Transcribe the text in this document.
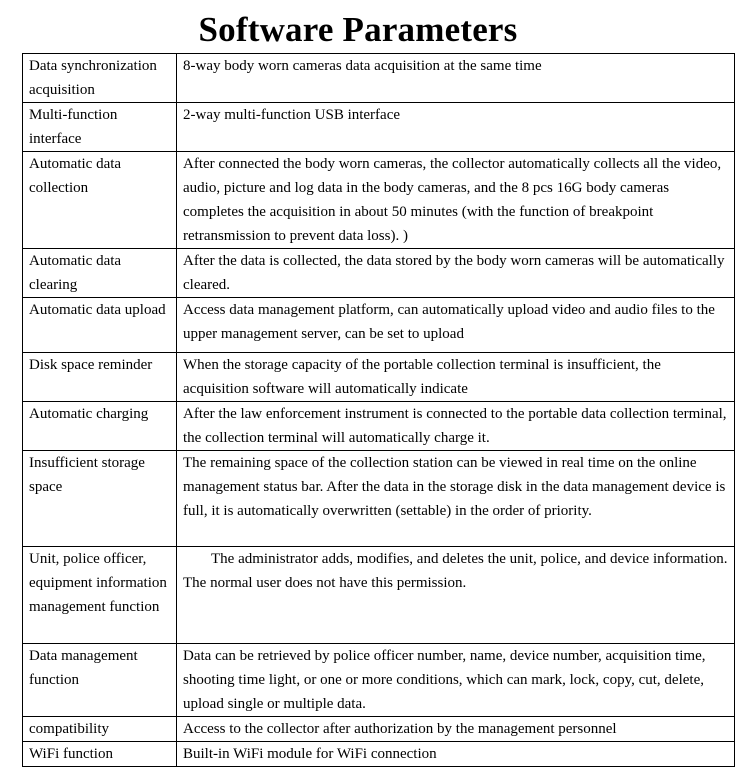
Software Parameters
Data synchronization acquisition	8-way body worn cameras data acquisition at the same time
Multi-function interface	2-way multi-function USB interface
Automatic data collection	After connected the body worn cameras, the collector automatically collects all the video, audio, picture and log data in the body cameras, and the 8 pcs 16G body cameras completes the acquisition in about 50 minutes (with the function of breakpoint retransmission to prevent data loss). )
Automatic data clearing	After the data is collected, the data stored by the body worn cameras will be automatically cleared.
Automatic data upload	Access data management platform, can automatically upload video and audio files to the upper management server, can be set to upload
Disk space reminder	When the storage capacity of the portable collection terminal is insufficient, the acquisition software will automatically indicate
Automatic charging	After the law enforcement instrument is connected to the portable data collection terminal, the collection terminal will automatically charge it.
Insufficient storage space	The remaining space of the collection station can be viewed in real time on the online management status bar. After the data in the storage disk in the data management device is full, it is automatically overwritten (settable) in the order of priority.
Unit, police officer, equipment information management function	The administrator adds, modifies, and deletes the unit, police, and device information. The normal user does not have this permission.
Data management function	Data can be retrieved by police officer number, name, device number, acquisition time, shooting time light, or one or more conditions, which can mark, lock, copy, cut, delete, upload single or multiple data.
compatibility	Access to the collector after authorization by the management personnel
WiFi function	Built-in WiFi module for WiFi connection
